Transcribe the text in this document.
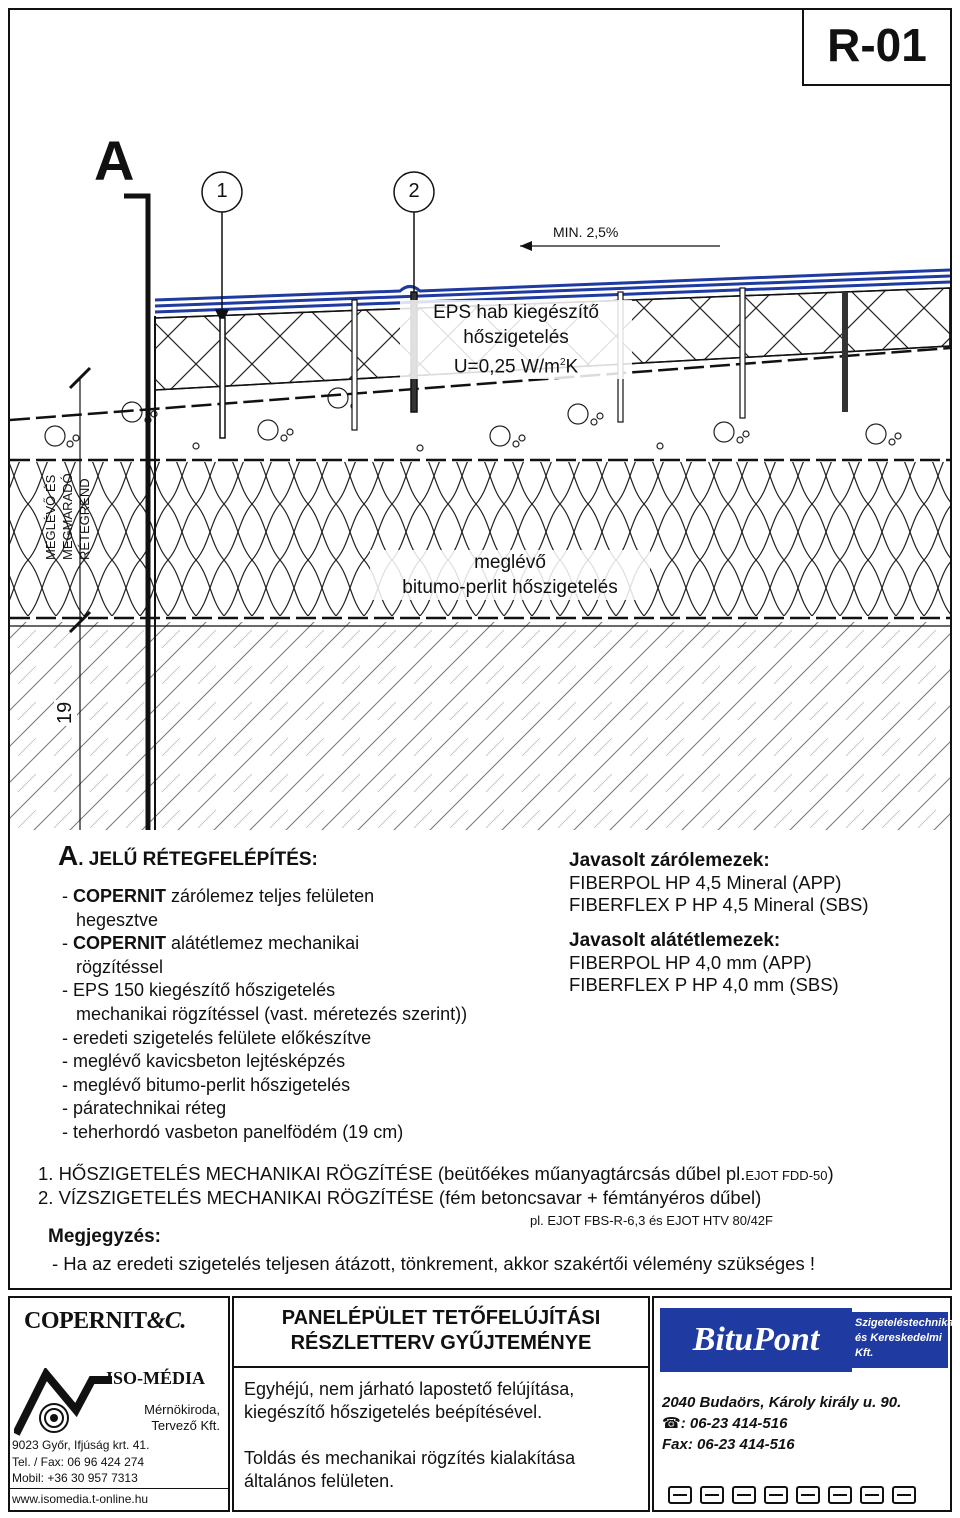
R-01
A	1	2
MIN. 2,5%
EPS hab kiegészítő
hőszigetelés
U=0,25 $W/m^2K$
MEGLÉVŐ ÉS MEGMARADÓ RÉTEGREND
meglévő
bitumo-perlit hőszigetelés
19
A. JELŰ RÉTEGFELÉPÍTÉS:
- COPERNIT zárólemez teljes felületen
hegesztve
- COPERNIT alátétlemez mechanikai
rögzítéssel
- EPS 150 kiegészítő hőszigetelés
mechanikai rögzítéssel (vast. méretezés szerint))
- eredeti szigetelés felülete előkészítve
- meglévő kavicsbeton lejtésképzés
- meglévő bitumo-perlit hőszigetelés
- páratechnikai réteg
- teherhordó vasbeton panelfödém (19 cm)
Javasolt zárólemezek:
FIBERPOL HP 4,5 Mineral (APP)
FIBERFLEX P HP 4,5 Mineral (SBS)
Javasolt alátétlemezek:
FIBERPOL HP 4,0 mm (APP)
FIBERFLEX P HP 4,0 mm (SBS)
1. HŐSZIGETELÉS MECHANIKAI RÖGZÍTÉSE (beütőékes műanyagtárcsás dűbel pl.EJOT FDD-50)
2. VÍZSZIGETELÉS MECHANIKAI RÖGZÍTÉSE (fém betoncsavar + fémtányéros dűbel)
pl. EJOT FBS-R-6,3 és EJOT HTV 80/42F
Megjegyzés:
- Ha az eredeti szigetelés teljesen átázott, tönkrement, akkor szakértői vélemény szükséges !
COPERNIT&C.
ISO-MÉDIA
Mérnökiroda,
Tervező Kft.
9023 Győr, Ifjúság krt. 41.
Tel. / Fax: 06 96 424 274
Mobil: +36 30 957 7313
www.isomedia.t-online.hu
PANELÉPÜLET TETŐFELÚJÍTÁSI
RÉSZLETTERV GYŰJTEMÉNYE
Egyhéjú, nem járható lapostető felújítása,
kiegészítő hőszigetelés beépítésével.
Toldás és mechanikai rögzítés kialakítása
általános felületen.
BituPont	Szigeteléstechnikai
és Kereskedelmi Kft.
2040 Budaörs, Károly király u. 90.
☎: 06-23 414-516
Fax: 06-23 414-516
